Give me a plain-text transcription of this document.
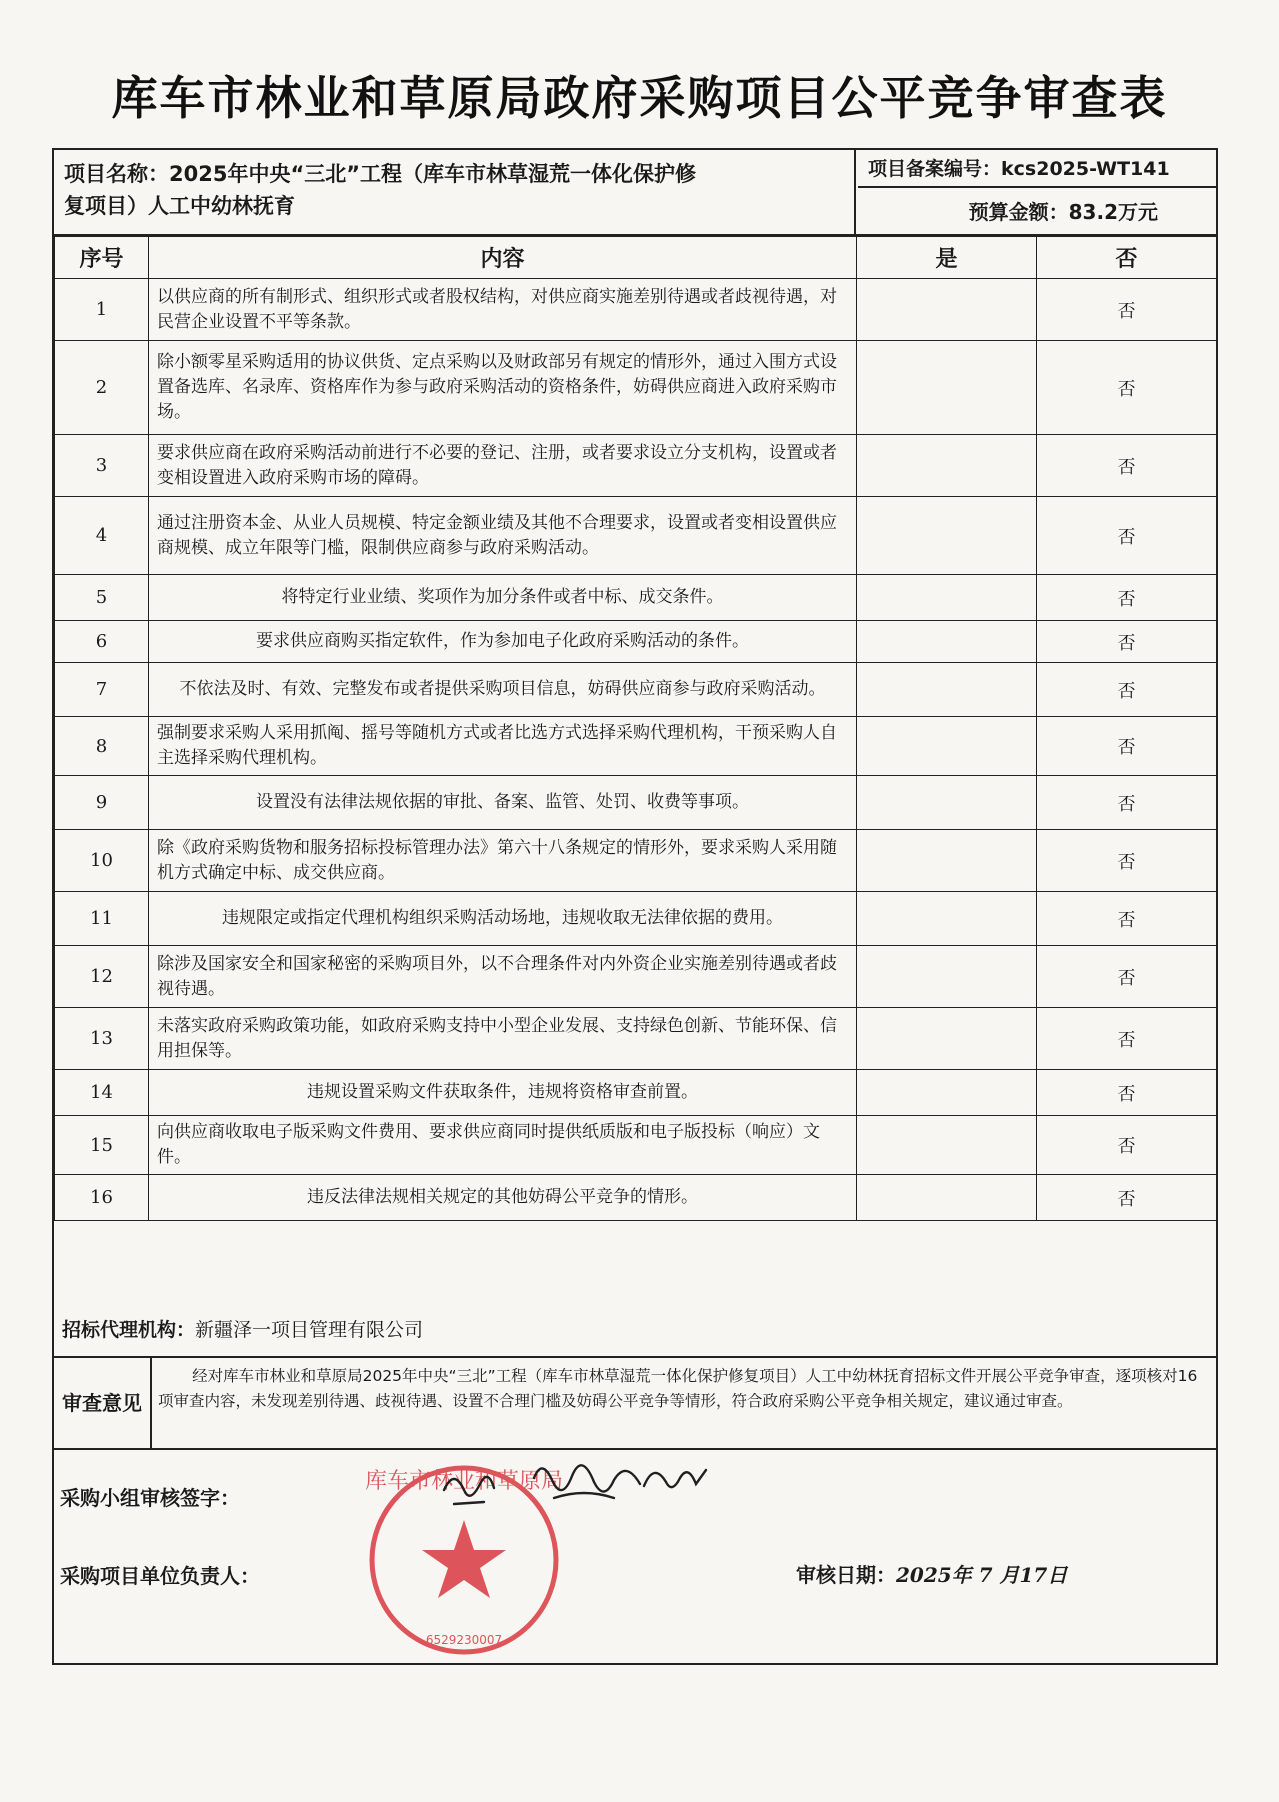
库车市林业和草原局政府采购项目公平竞争审查表
项目名称：2025年中央“三北”工程（库车市林草湿荒一体化保护修
复项目）人工中幼林抚育
项目备案编号：kcs2025-WT141
预算金额：83.2万元
序号	内容	是	否
1	以供应商的所有制形式、组织形式或者股权结构，对供应商实施差别待遇或者歧视待遇，对民营企业设置不平等条款。		否
2	除小额零星采购适用的协议供货、定点采购以及财政部另有规定的情形外，通过入围方式设置备选库、名录库、资格库作为参与政府采购活动的资格条件，妨碍供应商进入政府采购市场。		否
3	要求供应商在政府采购活动前进行不必要的登记、注册，或者要求设立分支机构，设置或者变相设置进入政府采购市场的障碍。		否
4	通过注册资本金、从业人员规模、特定金额业绩及其他不合理要求，设置或者变相设置供应商规模、成立年限等门槛，限制供应商参与政府采购活动。		否
5	将特定行业业绩、奖项作为加分条件或者中标、成交条件。		否
6	要求供应商购买指定软件，作为参加电子化政府采购活动的条件。		否
7	不依法及时、有效、完整发布或者提供采购项目信息，妨碍供应商参与政府采购活动。		否
8	强制要求采购人采用抓阄、摇号等随机方式或者比选方式选择采购代理机构，干预采购人自主选择采购代理机构。		否
9	设置没有法律法规依据的审批、备案、监管、处罚、收费等事项。		否
10	除《政府采购货物和服务招标投标管理办法》第六十八条规定的情形外，要求采购人采用随机方式确定中标、成交供应商。		否
11	违规限定或指定代理机构组织采购活动场地，违规收取无法律依据的费用。		否
12	除涉及国家安全和国家秘密的采购项目外，以不合理条件对内外资企业实施差别待遇或者歧视待遇。		否
13	未落实政府采购政策功能，如政府采购支持中小型企业发展、支持绿色创新、节能环保、信用担保等。		否
14	违规设置采购文件获取条件，违规将资格审查前置。		否
15	向供应商收取电子版采购文件费用、要求供应商同时提供纸质版和电子版投标（响应）文件。		否
16	违反法律法规相关规定的其他妨碍公平竞争的情形。		否
招标代理机构：新疆泽一项目管理有限公司
审查意见
经对库车市林业和草原局2025年中央“三北”工程（库车市林草湿荒一体化保护修复项目）人工中幼林抚育招标文件开展公平竞争审查，逐项核对16项审查内容，未发现差别待遇、歧视待遇、设置不合理门槛及妨碍公平竞争等情形，符合政府采购公平竞争相关规定，建议通过审查。
采购小组审核签字：
库车市林业和草原局
6529230007
采购项目单位负责人：	审核日期：2025年 7 月17日
